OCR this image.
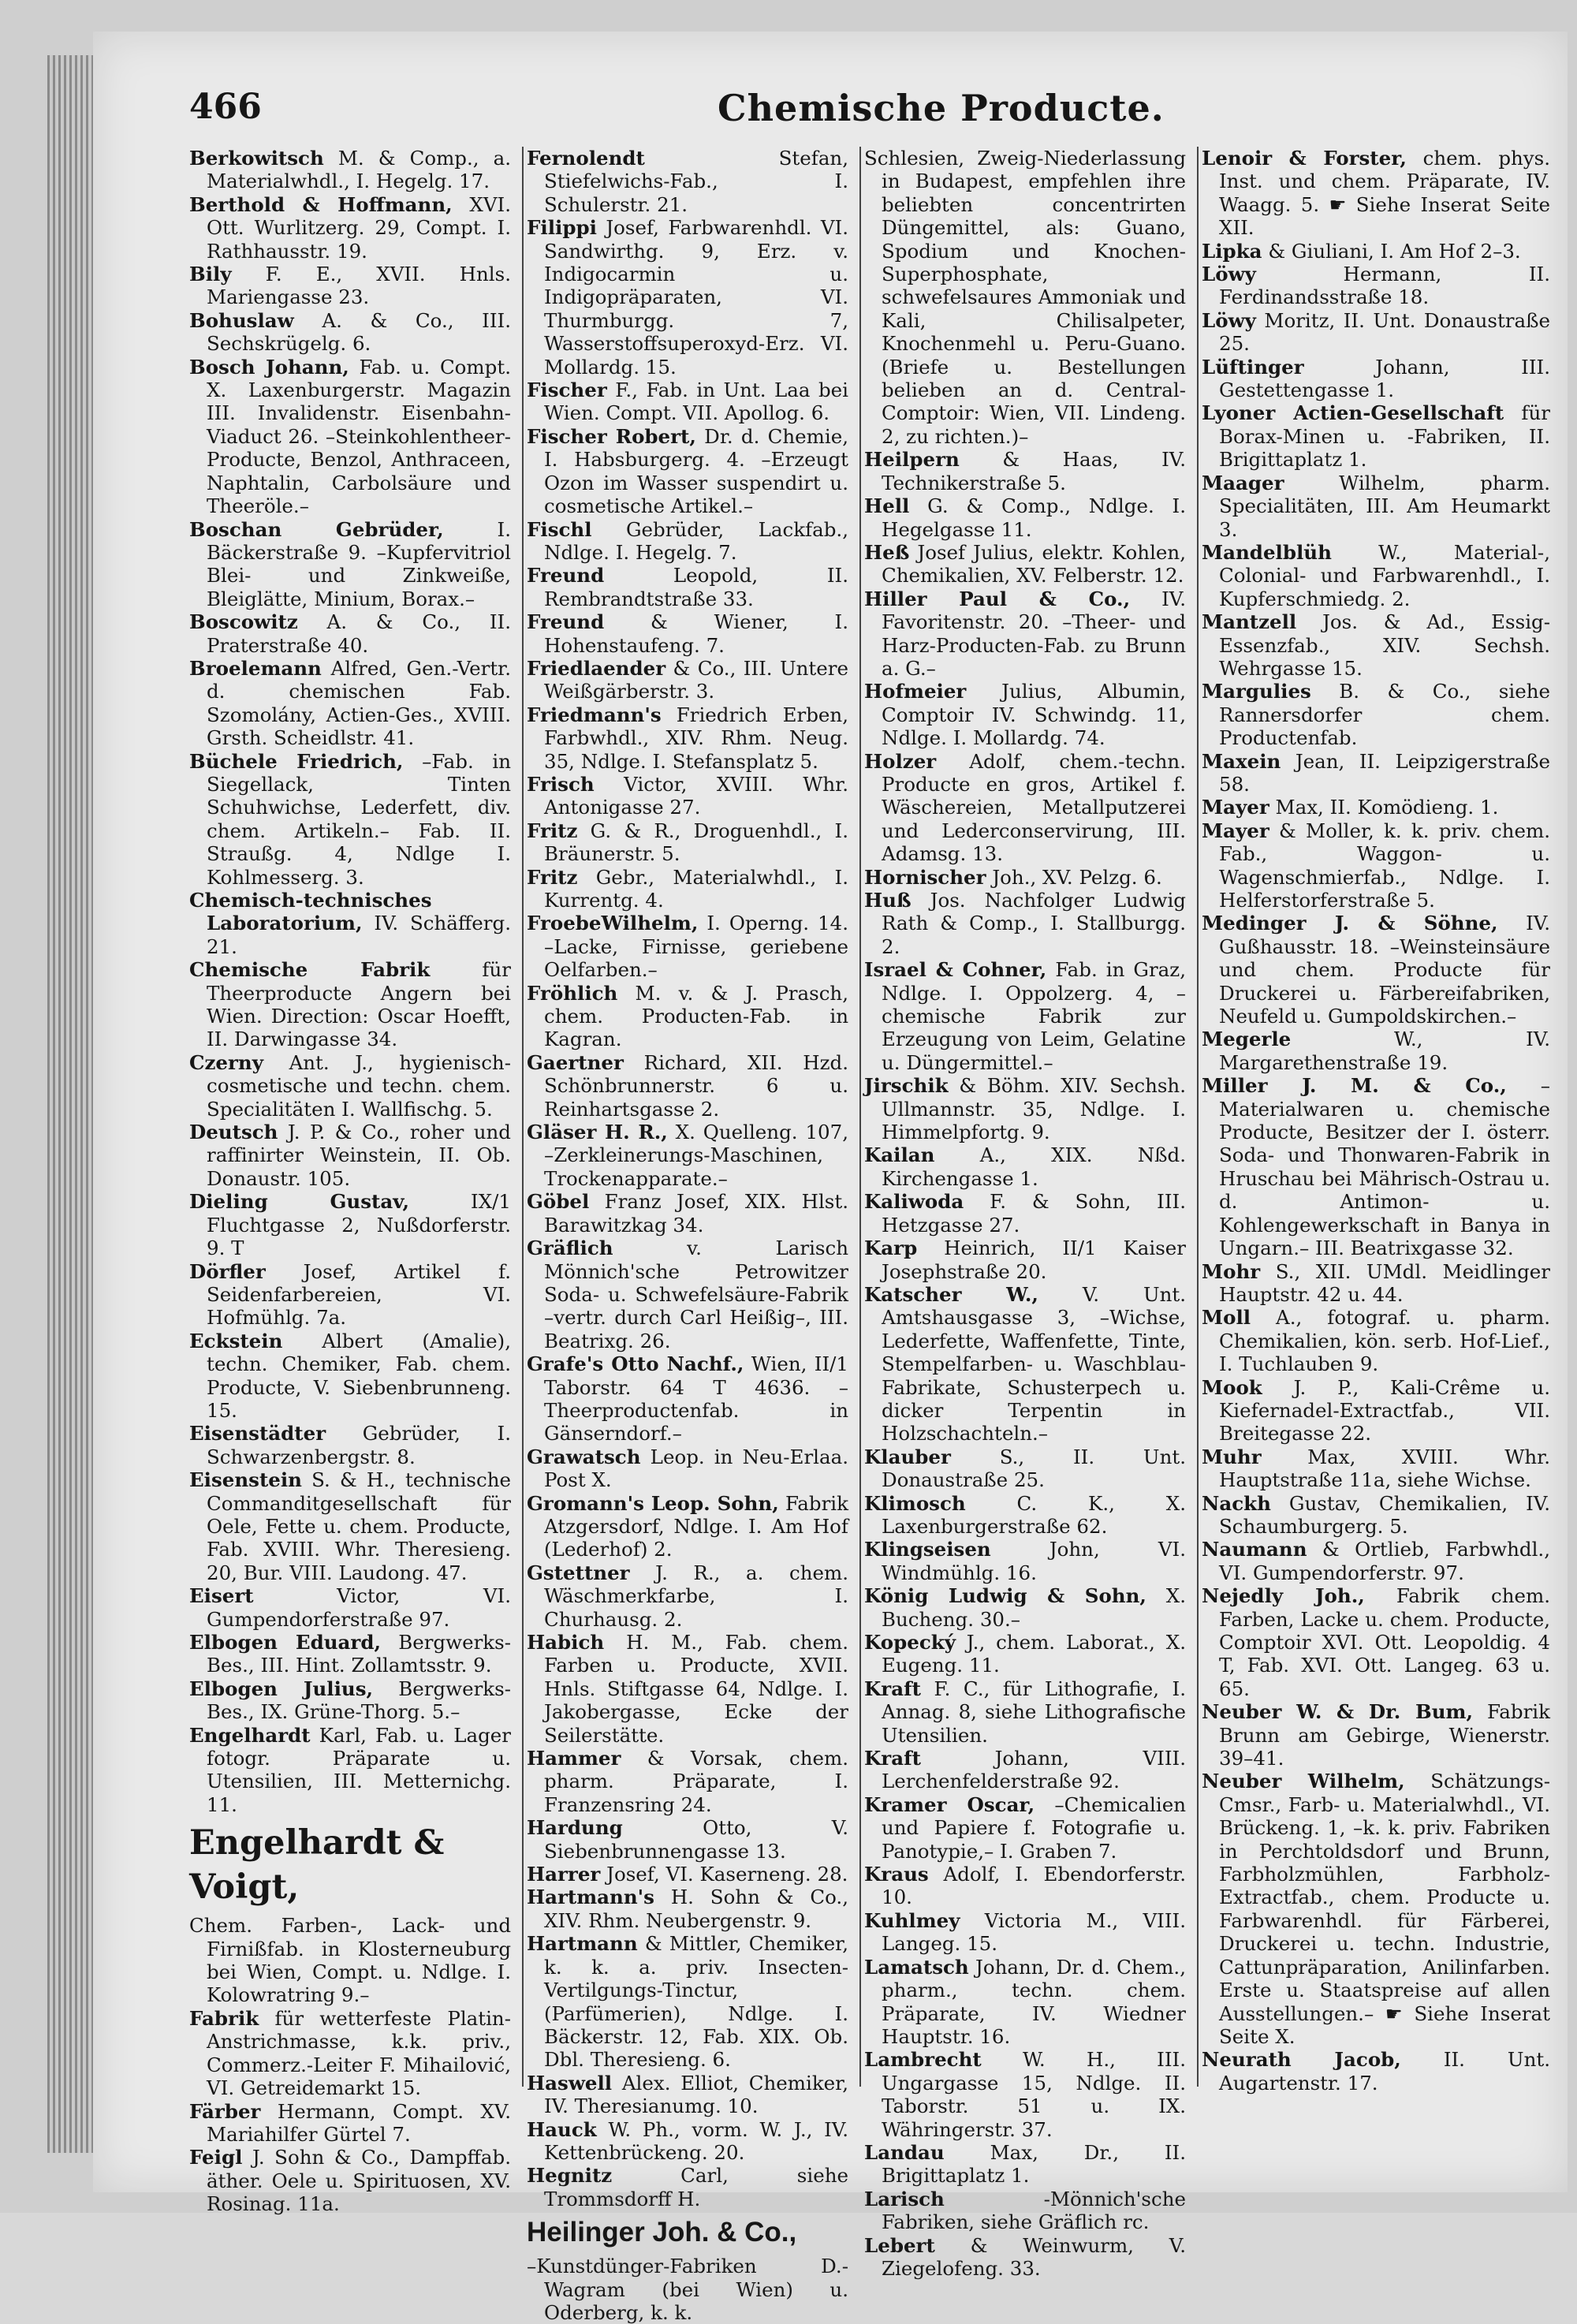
466	Chemische Producte.

Berkowitsch M. & Comp., a. Materialwhdl., I. Hegelg. 17.

Berthold & Hoffmann, XVI. Ott. Wurlitzerg. 29, Compt. I. Rathhausstr. 19.

Bily F. E., XVII. Hnls. Mariengasse 23.

Bohuslaw A. & Co., III. Sechskrügelg. 6.

Bosch Johann, Fab. u. Compt. X. Laxenburgerstr. Magazin III. Invalidenstr. Eisenbahn-Viaduct 26. –Steinkohlentheer-Producte, Benzol, Anthraceen, Naphtalin, Carbolsäure und Theeröle.–

Boschan Gebrüder,	I. Bäckerstraße 9. –Kupfervitriol Blei- und Zinkweiße, Bleiglätte, Minium, Borax.–

Boscowitz A. & Co., II. Praterstraße 40.

Broelemann Alfred, Gen.-Vertr. d. chemischen Fab. Szomolány, Actien-Ges., XVIII. Grsth. Scheidlstr. 41.

Büchele Friedrich, –Fab. in Siegellack, Tinten Schuhwichse, Lederfett, div. chem. Artikeln.– Fab. II. Straußg. 4, Ndlge I. Kohlmesserg. 3.

Chemisch-technisches Laboratorium, IV. Schäfferg. 21.

Chemische Fabrik	für Theerproducte Angern bei Wien. Direction: Oscar Hoefft, II. Darwingasse 34.

Czerny Ant. J., hygienisch-cosmetische und techn. chem. Specialitäten I. Wallfischg. 5.

Deutsch J. P. & Co., roher und raffinirter Weinstein, II. Ob. Donaustr. 105.

Dieling Gustav,	IX/1 Fluchtgasse 2, Nußdorferstr. 9. T

Dörfler Josef, Artikel f. Seidenfarbereien, VI. Hofmühlg. 7a.

Eckstein Albert (Amalie), techn. Chemiker, Fab. chem. Producte, V. Siebenbrunneng. 15.

Eisenstädter Gebrüder, I. Schwarzenbergstr. 8.

Eisenstein S. & H., technische Commanditgesellschaft für Oele, Fette u. chem. Producte, Fab. XVIII. Whr. Theresieng. 20, Bur. VIII. Laudong. 47.

Eisert	Victor, VI. Gumpendorferstraße 97.

Elbogen Eduard, Bergwerks-Bes., III. Hint. Zollamtsstr. 9.

Elbogen Julius, Bergwerks-Bes., IX. Grüne-Thorg. 5.–

Engelhardt Karl, Fab. u. Lager fotogr. Präparate u. Utensilien, III. Metternichg. 11.

Engelhardt & Voigt,

Chem. Farben-, Lack- und Firnißfab. in Klosterneuburg bei Wien, Compt. u. Ndlge. I. Kolowratring 9.–

Fabrik für wetterfeste Platin-Anstrichmasse, k.k. priv., Commerz.-Leiter F. Mihailović, VI. Getreidemarkt 15.

Färber Hermann, Compt. XV. Mariahilfer Gürtel 7.

Feigl J. Sohn & Co., Dampffab. äther. Oele u. Spirituosen, XV. Rosinag. 11a.

Fernolendt	Stefan, Stiefelwichs-Fab., I. Schulerstr. 21.

Filippi Josef, Farbwarenhdl. VI. Sandwirthg. 9, Erz. v. Indigocarmin u. Indigopräparaten, VI. Thurmburgg. 7, Wasserstoffsuperoxyd-Erz. VI. Mollardg. 15.

Fischer F., Fab. in Unt. Laa bei Wien. Compt. VII. Apollog. 6.

Fischer Robert, Dr. d. Chemie, I. Habsburgerg. 4. –Erzeugt Ozon im Wasser suspendirt u. cosmetische Artikel.–

Fischl Gebrüder, Lackfab., Ndlge. I. Hegelg. 7.

Freund	Leopold, II. Rembrandtstraße 33.

Freund & Wiener, I. Hohenstaufeng. 7.

Friedlaender & Co., III. Untere Weißgärberstr. 3.

Friedmann's Friedrich Erben, Farbwhdl., XIV. Rhm. Neug. 35, Ndlge. I. Stefansplatz 5.

Frisch Victor, XVIII. Whr. Antonigasse 27.

Fritz G. & R., Droguenhdl., I. Bräunerstr. 5.

Fritz Gebr., Materialwhdl., I. Kurrentg. 4.

FroebeWilhelm, I. Operng. 14. –Lacke, Firnisse, geriebene Oelfarben.–

Fröhlich M. v. & J. Prasch, chem. Producten-Fab. in Kagran.

Gaertner Richard, XII. Hzd. Schönbrunnerstr. 6 u. Reinhartsgasse 2.

Gläser H. R., X. Quelleng. 107, –Zerkleinerungs-Maschinen, Trockenapparate.–

Göbel Franz Josef, XIX. Hlst. Barawitzkag 34.

Gräflich	v. Larisch Mönnich'sche Petrowitzer Soda- u. Schwefelsäure-Fabrik –vertr. durch Carl Heißig–, III. Beatrixg. 26.

Grafe's Otto Nachf., Wien, II/1 Taborstr. 64 T 4636. –Theerproductenfab. in Gänserndorf.–

Grawatsch Leop. in Neu-Erlaa. Post X.

Gromann's Leop. Sohn, Fabrik Atzgersdorf, Ndlge. I. Am Hof (Lederhof) 2.

Gstettner J. R., a. chem. Wäschmerkfarbe, I. Churhausg. 2.

Habich H. M., Fab. chem. Farben u. Producte, XVII. Hnls. Stiftgasse 64, Ndlge. I. Jakobergasse, Ecke der Seilerstätte.

Hammer & Vorsak, chem. pharm. Präparate, I. Franzensring 24.

Hardung	Otto, V. Siebenbrunnengasse 13.

Harrer Josef, VI. Kaserneng. 28.

Hartmann's H. Sohn & Co., XIV. Rhm. Neubergenstr. 9.

Hartmann & Mittler, Chemiker, k. k. a. priv. Insecten-Vertilgungs-Tinctur, (Parfümerien), Ndlge. I. Bäckerstr. 12, Fab. XIX. Ob. Dbl. Theresieng. 6.

Haswell Alex. Elliot, Chemiker, IV. Theresianumg. 10.

Hauck W. Ph., vorm. W. J., IV. Kettenbrückeng. 20.

Hegnitz	Carl, siehe Trommsdorff H.

Heilinger Joh. & Co.,

–Kunstdünger-Fabriken D.-Wagram (bei Wien) u. Oderberg, k. k.

Schlesien, Zweig-Niederlassung in Budapest, empfehlen ihre beliebten concentrirten Düngemittel, als: Guano, Spodium und Knochen-Superphosphate, schwefelsaures Ammoniak und Kali, Chilisalpeter, Knochenmehl u. Peru-Guano. (Briefe u. Bestellungen belieben an d. Central-Comptoir: Wien, VII. Lindeng. 2, zu richten.)–

Heilpern & Haas, IV. Technikerstraße 5.

Hell G. & Comp., Ndlge. I. Hegelgasse 11.

Heß Josef Julius, elektr. Kohlen, Chemikalien, XV. Felberstr. 12.

Hiller Paul & Co., IV. Favoritenstr. 20. –Theer- und Harz-Producten-Fab. zu Brunn a. G.–

Hofmeier Julius, Albumin, Comptoir IV. Schwindg. 11, Ndlge. I. Mollardg. 74.

Holzer Adolf, chem.-techn. Producte en gros, Artikel f. Wäschereien, Metallputzerei und Lederconservirung, III. Adamsg. 13.

Hornischer Joh., XV. Pelzg. 6.

Huß Jos. Nachfolger Ludwig Rath & Comp., I. Stallburgg. 2.

Israel & Cohner, Fab. in Graz, Ndlge. I. Oppolzerg. 4, –chemische Fabrik zur Erzeugung von Leim, Gelatine u. Düngermittel.–

Jirschik & Böhm. XIV. Sechsh. Ullmannstr. 35, Ndlge. I. Himmelpfortg. 9.

Kailan A., XIX. Nßd. Kirchengasse 1.

Kaliwoda F. & Sohn, III. Hetzgasse 27.

Karp Heinrich, II/1 Kaiser Josephstraße 20.

Katscher W., V. Unt. Amtshausgasse 3, –Wichse, Lederfette, Waffenfette, Tinte, Stempelfarben- u. Waschblau-Fabrikate, Schusterpech u. dicker Terpentin in Holzschachteln.–

Klauber	S., II. Unt. Donaustraße 25.

Klimosch	C. K., X. Laxenburgerstraße 62.

Klingseisen	John, VI. Windmühlg. 16.

König Ludwig & Sohn, X. Bucheng. 30.–

Kopecký J., chem. Laborat., X. Eugeng. 11.

Kraft F. C., für Lithografie, I. Annag. 8, siehe Lithografische Utensilien.

Kraft	Johann, VIII. Lerchenfelderstraße 92.

Kramer Oscar, –Chemicalien und Papiere f. Fotografie u. Panotypie,– I. Graben 7.

Kraus Adolf, I. Ebendorferstr. 10.

Kuhlmey Victoria M., VIII. Langeg. 15.

Lamatsch Johann, Dr. d. Chem., pharm., techn. chem. Präparate, IV. Wiedner Hauptstr. 16.

Lambrecht W. H., III. Ungargasse 15, Ndlge. II. Taborstr. 51 u. IX. Währingerstr. 37.

Landau Max, Dr., II. Brigittaplatz 1.

Larisch	-Mönnich'sche Fabriken, siehe Gräflich rc.

Lebert & Weinwurm, V. Ziegelofeng. 33.

Lenoir & Forster, chem. phys. Inst. und chem. Präparate, IV. Waagg. 5. ☛ Siehe Inserat Seite XII.

Lipka & Giuliani, I. Am Hof 2–3.

Löwy	Hermann, II. Ferdinandsstraße 18.

Löwy Moritz, II. Unt. Donaustraße 25.

Lüftinger	Johann, III. Gestettengasse 1.

Lyoner Actien-Gesellschaft für Borax-Minen u. -Fabriken, II. Brigittaplatz 1.

Maager	Wilhelm, pharm. Specialitäten, III. Am Heumarkt 3.

Mandelblüh W., Material-, Colonial- und Farbwarenhdl., I. Kupferschmiedg. 2.

Mantzell Jos. & Ad., Essig-Essenzfab., XIV. Sechsh. Wehrgasse 15.

Margulies B. & Co., siehe Rannersdorfer chem. Productenfab.

Maxein Jean, II. Leipzigerstraße 58.

Mayer Max, II. Komödieng. 1.

Mayer & Moller, k. k. priv. chem. Fab., Waggon- u. Wagenschmierfab., Ndlge. I. Helferstorferstraße 5.

Medinger J. & Söhne, IV. Gußhausstr. 18. –Weinsteinsäure und chem. Producte für Druckerei u. Färbereifabriken, Neufeld u. Gumpoldskirchen.–

Megerle	W., IV. Margarethenstraße 19.

Miller J. M. & Co., –Materialwaren u. chemische Producte, Besitzer der I. österr. Soda- und Thonwaren-Fabrik in Hruschau bei Mährisch-Ostrau u. d. Antimon- u. Kohlengewerkschaft in Banya in Ungarn.– III. Beatrixgasse 32.

Mohr S., XII. UMdl. Meidlinger Hauptstr. 42 u. 44.

Moll A., fotograf. u. pharm. Chemikalien, kön. serb. Hof-Lief., I. Tuchlauben 9.

Mook J. P., Kali-Crême u. Kiefernadel-Extractfab., VII. Breitegasse 22.

Muhr Max, XVIII. Whr. Hauptstraße 11a, siehe Wichse.

Nackh Gustav, Chemikalien, IV. Schaumburgerg. 5.

Naumann & Ortlieb, Farbwhdl., VI. Gumpendorferstr. 97.

Nejedly Joh., Fabrik chem. Farben, Lacke u. chem. Producte, Comptoir XVI. Ott. Leopoldig. 4 T, Fab. XVI. Ott. Langeg. 63 u. 65.

Neuber W. & Dr. Bum, Fabrik Brunn am Gebirge, Wienerstr. 39–41.

Neuber Wilhelm, Schätzungs-Cmsr., Farb- u. Materialwhdl., VI. Brückeng. 1, –k. k. priv. Fabriken in Perchtoldsdorf und Brunn, Farbholzmühlen, Farbholz-Extractfab., chem. Producte u. Farbwarenhdl. für Färberei, Druckerei u. techn. Industrie, Cattunpräparation, Anilinfarben. Erste u. Staatspreise auf allen Ausstellungen.– ☛ Siehe Inserat Seite X.

Neurath Jacob, II. Unt. Augartenstr. 17.
